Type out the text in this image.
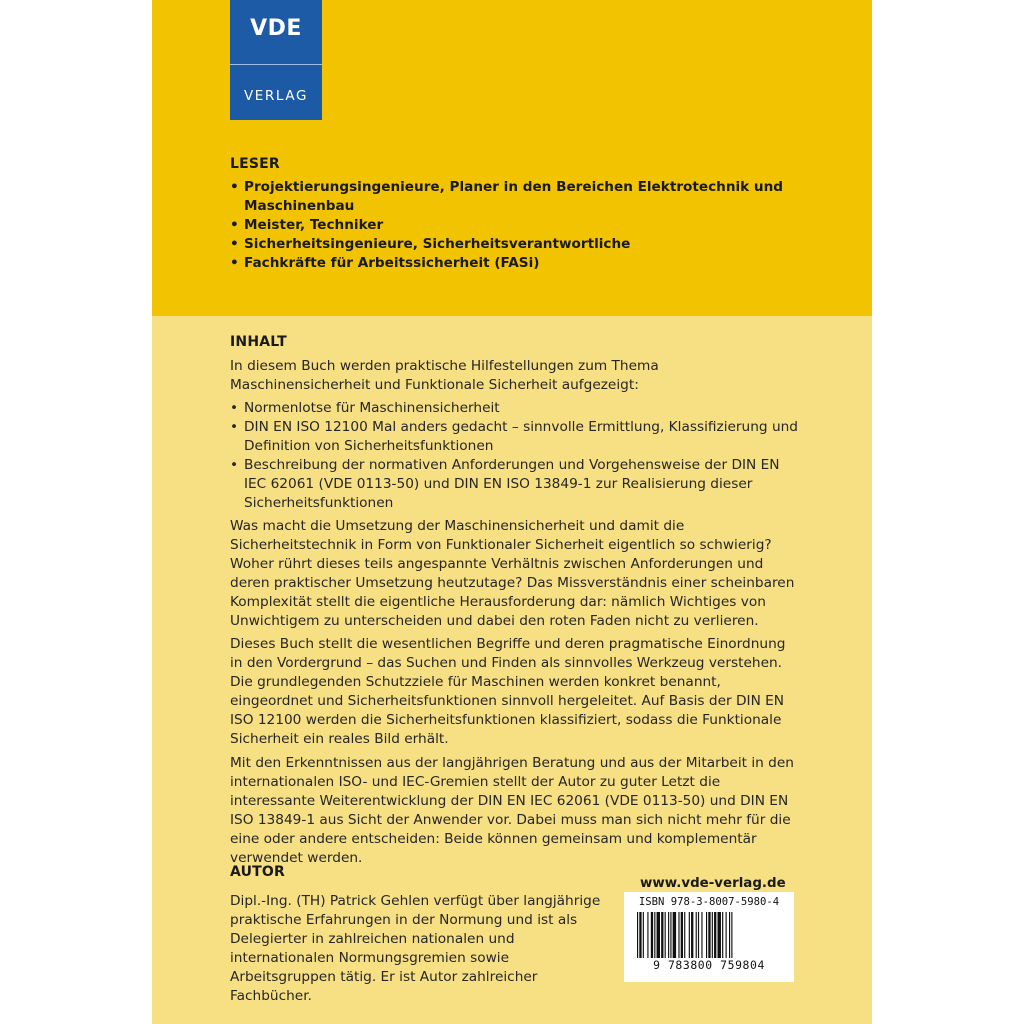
VDE
VERLAG
LESER
• Projektierungsingenieure, Planer in den Bereichen Elektrotechnik und Maschinenbau
• Meister, Techniker
• Sicherheitsingenieure, Sicherheitsverantwortliche
• Fachkräfte für Arbeitssicherheit (FASi)
INHALT
In diesem Buch werden praktische Hilfestellungen zum Thema Maschinensicherheit und Funktionale Sicherheit aufgezeigt:
• Normenlotse für Maschinensicherheit
• DIN EN ISO 12100 Mal anders gedacht – sinnvolle Ermittlung, Klassifizierung und Definition von Sicherheitsfunktionen
• Beschreibung der normativen Anforderungen und Vorgehensweise der DIN EN IEC 62061 (VDE 0113-50) und DIN EN ISO 13849-1 zur Realisierung dieser Sicherheitsfunktionen
Was macht die Umsetzung der Maschinensicherheit und damit die Sicherheitstechnik in Form von Funktionaler Sicherheit eigentlich so schwierig? Woher rührt dieses teils angespannte Verhältnis zwischen Anforderungen und deren praktischer Umsetzung heutzutage? Das Missverständnis einer scheinbaren Komplexität stellt die eigentliche Herausforderung dar: nämlich Wichtiges von Unwichtigem zu unterscheiden und dabei den roten Faden nicht zu verlieren.
Dieses Buch stellt die wesentlichen Begriffe und deren pragmatische Einordnung in den Vordergrund – das Suchen und Finden als sinnvolles Werkzeug verstehen. Die grundlegenden Schutzziele für Maschinen werden konkret benannt, eingeordnet und Sicherheitsfunktionen sinnvoll hergeleitet. Auf Basis der DIN EN ISO 12100 werden die Sicherheitsfunktionen klassifiziert, sodass die Funktionale Sicherheit ein reales Bild erhält.
Mit den Erkenntnissen aus der langjährigen Beratung und aus der Mitarbeit in den internationalen ISO- und IEC-Gremien stellt der Autor zu guter Letzt die interessante Weiterentwicklung der DIN EN IEC 62061 (VDE 0113-50) und DIN EN ISO 13849-1 aus Sicht der Anwender vor. Dabei muss man sich nicht mehr für die eine oder andere entscheiden: Beide können gemeinsam und komplementär verwendet werden.
AUTOR
Dipl.-Ing. (TH) Patrick Gehlen verfügt über langjährige praktische Erfahrungen in der Normung und ist als Delegierter in zahlreichen nationalen und internationalen Normungsgremien sowie Arbeitsgruppen tätig. Er ist Autor zahlreicher Fachbücher.
www.vde-verlag.de
ISBN 978-3-8007-5980-4
9 783800 759804
